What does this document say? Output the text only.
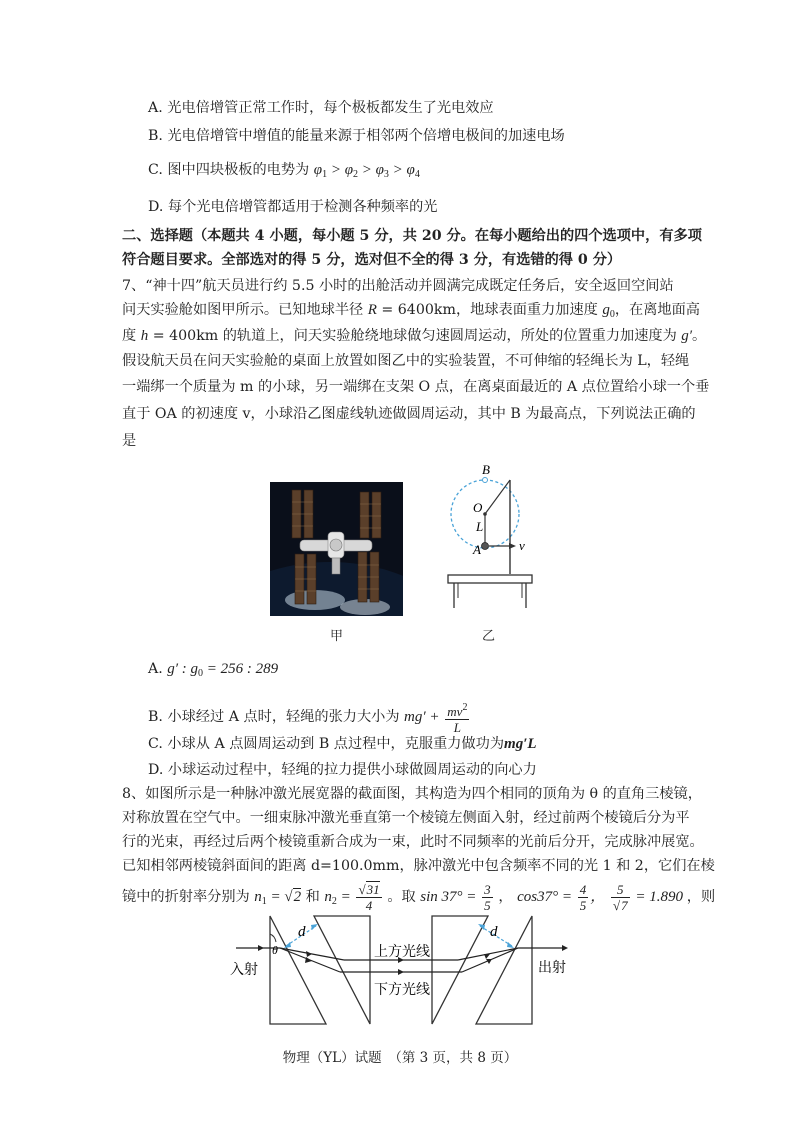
A. 光电倍增管正常工作时，每个极板都发生了光电效应
B. 光电倍增管中增值的能量来源于相邻两个倍增电极间的加速电场
C. 图中四块极板的电势为 $\varphi_1 > \varphi_2 > \varphi_3 > \varphi_4$
D. 每个光电倍增管都适用于检测各种频率的光
二、选择题（本题共 4 小题，每小题 5 分，共 20 分。在每小题给出的四个选项中，有多项
符合题目要求。全部选对的得 5 分，选对但不全的得 3 分，有选错的得 0 分）
7、“神十四”航天员进行约 5.5 小时的出舱活动并圆满完成既定任务后，安全返回空间站
问天实验舱如图甲所示。已知地球半径 R = 6400km，地球表面重力加速度 $g_0$，在离地面高
度 h = 400km 的轨道上，问天实验舱绕地球做匀速圆周运动，所处的位置重力加速度为 g′。
假设航天员在问天实验舱的桌面上放置如图乙中的实验装置，不可伸缩的轻绳长为 L，轻绳
一端绑一个质量为 m 的小球，另一端绑在支架 O 点，在离桌面最近的 A 点位置给小球一个垂
直于 OA 的初速度 v，小球沿乙图虚线轨迹做圆周运动，其中 B 为最高点，下列说法正确的
是
B
O
L
A	v
甲	乙
A. g′ : $g_0 = 256$ : 289
B. 小球经过 A 点时，轻绳的张力大小为 $mg' + \frac{mv^2}{L}$
C. 小球从 A 点圆周运动到 B 点过程中，克服重力做功为mg′L
D. 小球运动过程中，轻绳的拉力提供小球做圆周运动的向心力
8、如图所示是一种脉冲激光展宽器的截面图，其构造为四个相同的顶角为 θ 的直角三棱镜，
对称放置在空气中。一细束脉冲激光垂直第一个棱镜左侧面入射，经过前两个棱镜后分为平
行的光束，再经过后两个棱镜重新合成为一束，此时不同频率的光前后分开，完成脉冲展宽。
已知相邻两棱镜斜面间的距离 d=100.0mm，脉冲激光中包含频率不同的光 1 和 2，它们在棱
镜中的折射率分别为 $n_1 = √2$ 和 $n_2 = \frac{√31}{4}$ 。取 $\sin 37^\circ = \frac{3}{5}$ ， $\cos 37^\circ = \frac{4}{5}$ ， $\frac{5}{√7} = 1.890$ ，则
d	d
θ
入射	出射
上方光线
下方光线
物理（YL）试题　（第 3 页，共 8 页）
